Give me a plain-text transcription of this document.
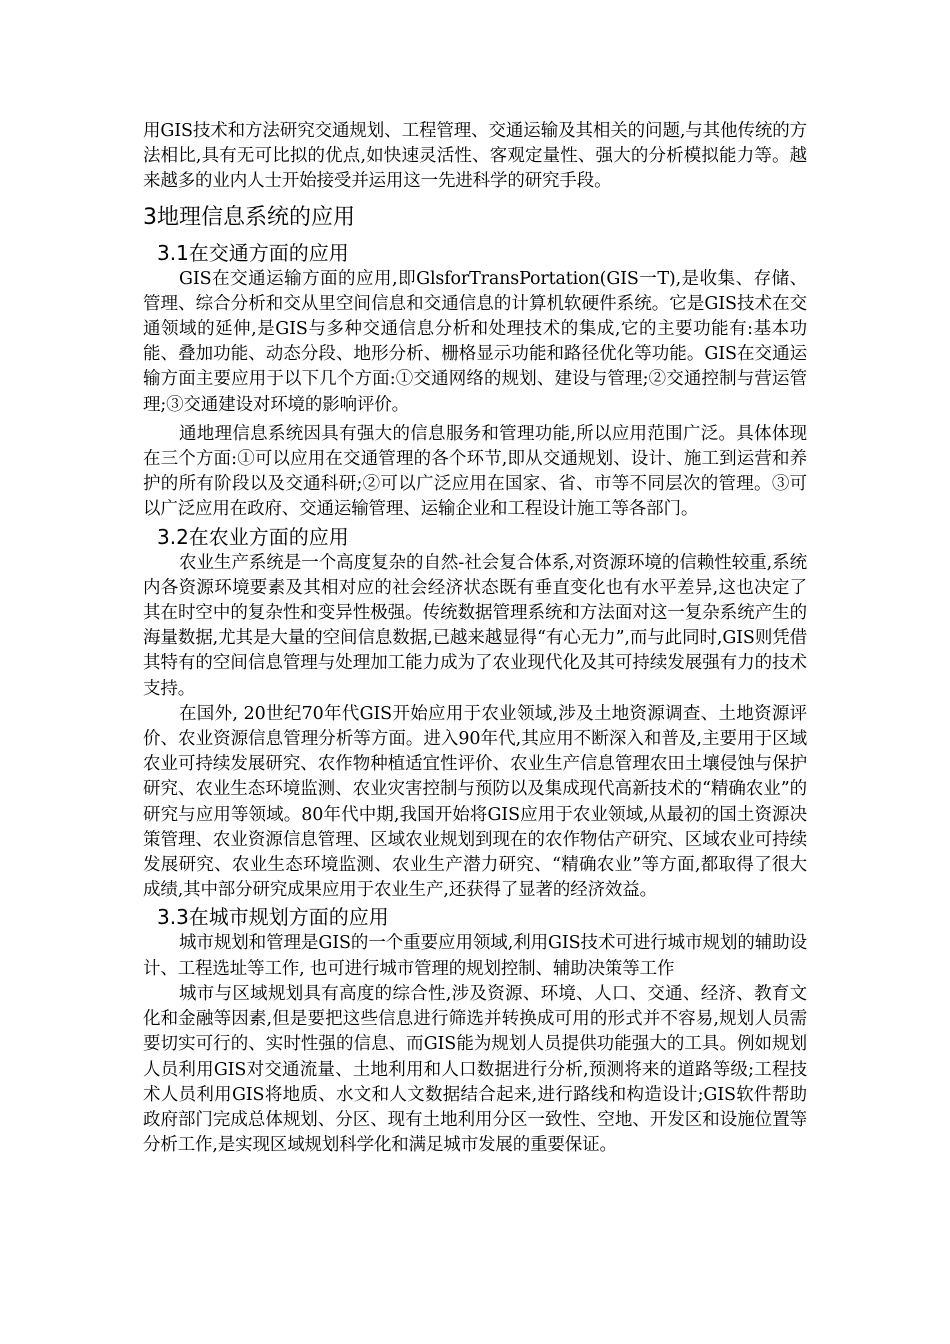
用GIS技术和方法研究交通规划、工程管理、交通运输及其相关的问题,与其他传统的方法相比,具有无可比拟的优点,如快速灵活性、客观定量性、强大的分析模拟能力等。越来越多的业内人士开始接受并运用这一先进科学的研究手段。

3地理信息系统的应用
3.1在交通方面的应用

GIS在交通运输方面的应用,即GlsforTransPortation(GIS一T),是收集、存储、管理、综合分析和交从里空间信息和交通信息的计算机软硬件系统。它是GIS技术在交通领域的延伸,是GIS与多种交通信息分析和处理技术的集成,它的主要功能有:基本功能、叠加功能、动态分段、地形分析、栅格显示功能和路径优化等功能。GIS在交通运输方面主要应用于以下几个方面:①交通网络的规划、建设与管理;②交通控制与营运管理;③交通建设对环境的影响评价。

通地理信息系统因具有强大的信息服务和管理功能,所以应用范围广泛。具体体现在三个方面:①可以应用在交通管理的各个环节,即从交通规划、设计、施工到运营和养护的所有阶段以及交通科研;②可以广泛应用在国家、省、市等不同层次的管理。③可以广泛应用在政府、交通运输管理、运输企业和工程设计施工等各部门。

3.2在农业方面的应用

农业生产系统是一个高度复杂的自然-社会复合体系,对资源环境的信赖性较重,系统内各资源环境要素及其相对应的社会经济状态既有垂直变化也有水平差异,这也决定了其在时空中的复杂性和变异性极强。传统数据管理系统和方法面对这一复杂系统产生的海量数据,尤其是大量的空间信息数据,已越来越显得“有心无力”,而与此同时,GIS则凭借其特有的空间信息管理与处理加工能力成为了农业现代化及其可持续发展强有力的技术支持。

在国外, 20世纪70年代GIS开始应用于农业领域,涉及土地资源调查、土地资源评价、农业资源信息管理分析等方面。进入90年代,其应用不断深入和普及,主要用于区域农业可持续发展研究、农作物种植适宜性评价、农业生产信息管理农田土壤侵蚀与保护研究、农业生态环境监测、农业灾害控制与预防以及集成现代高新技术的“精确农业”的研究与应用等领域。80年代中期,我国开始将GIS应用于农业领域,从最初的国土资源决策管理、农业资源信息管理、区域农业规划到现在的农作物估产研究、区域农业可持续发展研究、农业生态环境监测、农业生产潜力研究、“精确农业”等方面,都取得了很大成绩,其中部分研究成果应用于农业生产,还获得了显著的经济效益。

3.3在城市规划方面的应用

城市规划和管理是GIS的一个重要应用领域,利用GIS技术可进行城市规划的辅助设计、工程选址等工作, 也可进行城市管理的规划控制、辅助决策等工作

城市与区域规划具有高度的综合性,涉及资源、环境、人口、交通、经济、教育文化和金融等因素,但是要把这些信息进行筛选并转换成可用的形式并不容易,规划人员需要切实可行的、实时性强的信息、而GIS能为规划人员提供功能强大的工具。例如规划人员利用GIS对交通流量、土地利用和人口数据进行分析,预测将来的道路等级;工程技术人员利用GIS将地质、水文和人文数据结合起来,进行路线和构造设计;GIS软件帮助政府部门完成总体规划、分区、现有土地利用分区一致性、空地、开发区和设施位置等分析工作,是实现区域规划科学化和满足城市发展的重要保证。
